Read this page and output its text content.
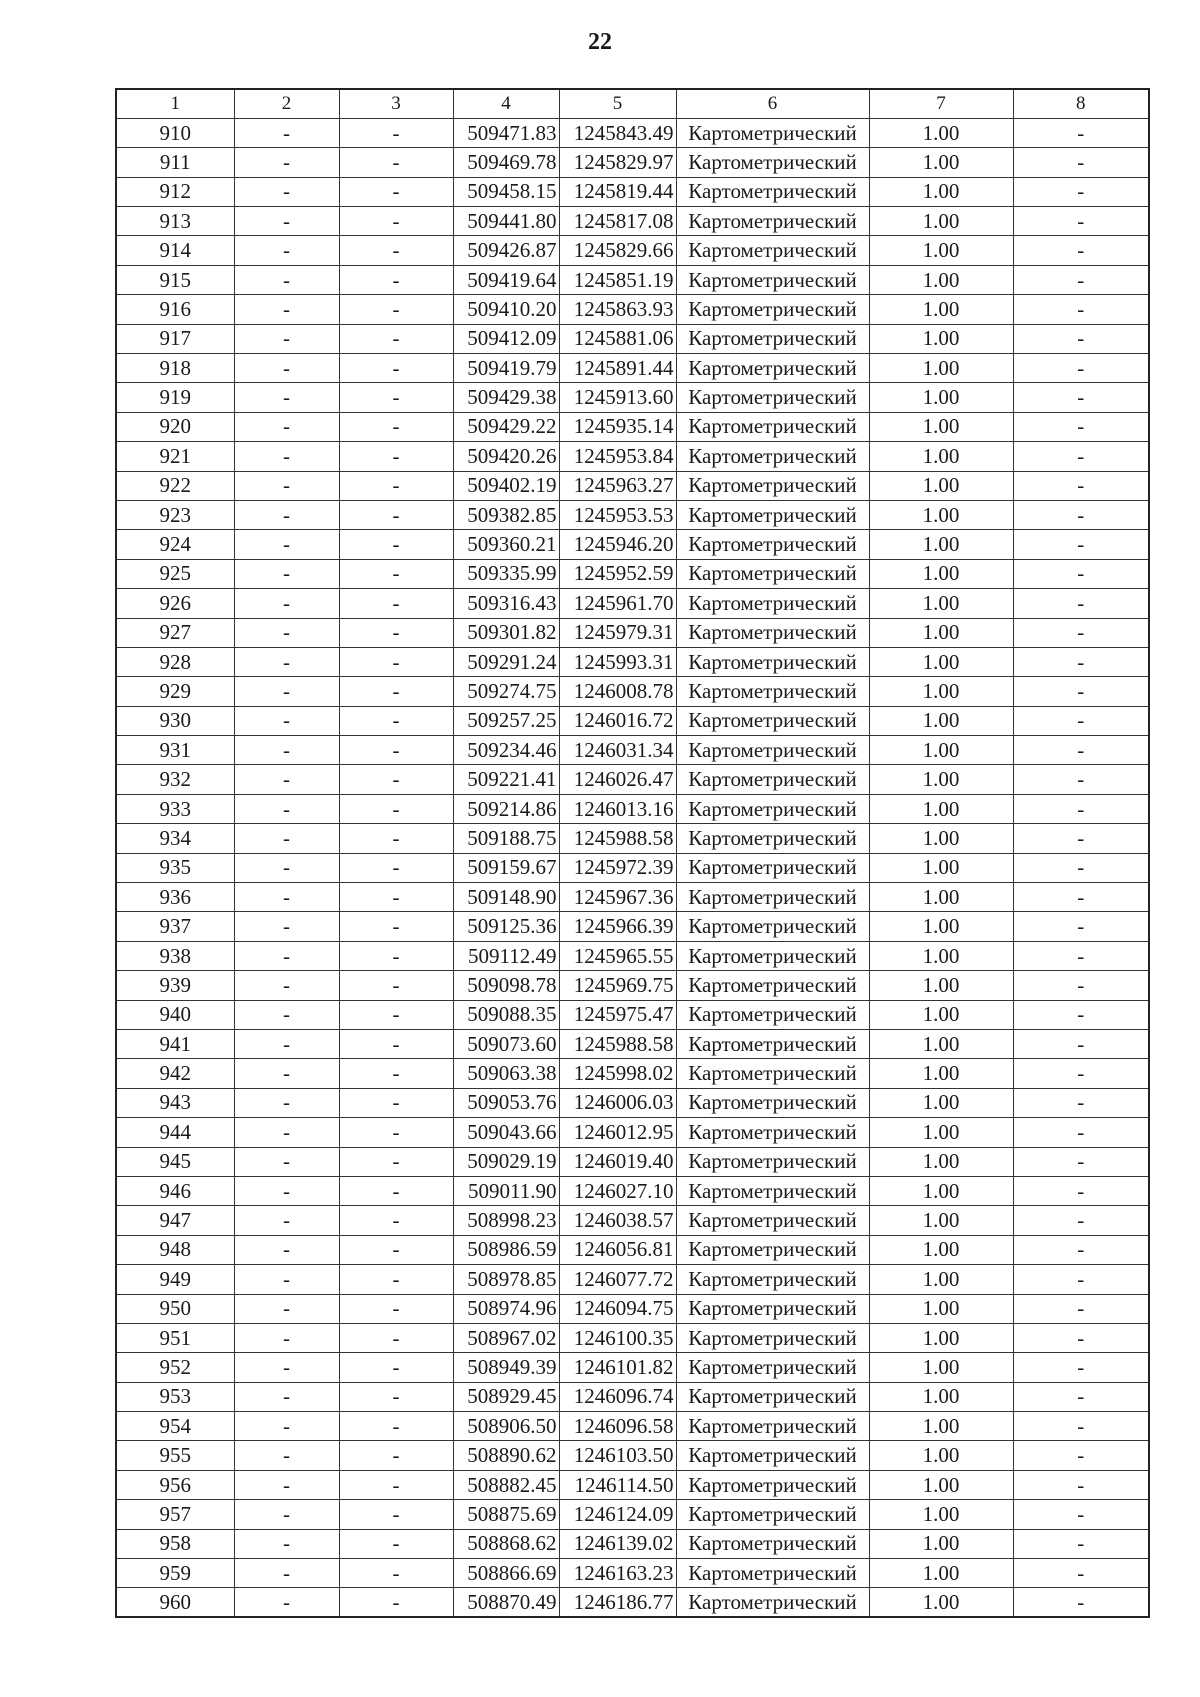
22
1	2	3	4	5	6	7	8
910	-	-	509471.83	1245843.49	Картометрический	1.00	-
911	-	-	509469.78	1245829.97	Картометрический	1.00	-
912	-	-	509458.15	1245819.44	Картометрический	1.00	-
913	-	-	509441.80	1245817.08	Картометрический	1.00	-
914	-	-	509426.87	1245829.66	Картометрический	1.00	-
915	-	-	509419.64	1245851.19	Картометрический	1.00	-
916	-	-	509410.20	1245863.93	Картометрический	1.00	-
917	-	-	509412.09	1245881.06	Картометрический	1.00	-
918	-	-	509419.79	1245891.44	Картометрический	1.00	-
919	-	-	509429.38	1245913.60	Картометрический	1.00	-
920	-	-	509429.22	1245935.14	Картометрический	1.00	-
921	-	-	509420.26	1245953.84	Картометрический	1.00	-
922	-	-	509402.19	1245963.27	Картометрический	1.00	-
923	-	-	509382.85	1245953.53	Картометрический	1.00	-
924	-	-	509360.21	1245946.20	Картометрический	1.00	-
925	-	-	509335.99	1245952.59	Картометрический	1.00	-
926	-	-	509316.43	1245961.70	Картометрический	1.00	-
927	-	-	509301.82	1245979.31	Картометрический	1.00	-
928	-	-	509291.24	1245993.31	Картометрический	1.00	-
929	-	-	509274.75	1246008.78	Картометрический	1.00	-
930	-	-	509257.25	1246016.72	Картометрический	1.00	-
931	-	-	509234.46	1246031.34	Картометрический	1.00	-
932	-	-	509221.41	1246026.47	Картометрический	1.00	-
933	-	-	509214.86	1246013.16	Картометрический	1.00	-
934	-	-	509188.75	1245988.58	Картометрический	1.00	-
935	-	-	509159.67	1245972.39	Картометрический	1.00	-
936	-	-	509148.90	1245967.36	Картометрический	1.00	-
937	-	-	509125.36	1245966.39	Картометрический	1.00	-
938	-	-	509112.49	1245965.55	Картометрический	1.00	-
939	-	-	509098.78	1245969.75	Картометрический	1.00	-
940	-	-	509088.35	1245975.47	Картометрический	1.00	-
941	-	-	509073.60	1245988.58	Картометрический	1.00	-
942	-	-	509063.38	1245998.02	Картометрический	1.00	-
943	-	-	509053.76	1246006.03	Картометрический	1.00	-
944	-	-	509043.66	1246012.95	Картометрический	1.00	-
945	-	-	509029.19	1246019.40	Картометрический	1.00	-
946	-	-	509011.90	1246027.10	Картометрический	1.00	-
947	-	-	508998.23	1246038.57	Картометрический	1.00	-
948	-	-	508986.59	1246056.81	Картометрический	1.00	-
949	-	-	508978.85	1246077.72	Картометрический	1.00	-
950	-	-	508974.96	1246094.75	Картометрический	1.00	-
951	-	-	508967.02	1246100.35	Картометрический	1.00	-
952	-	-	508949.39	1246101.82	Картометрический	1.00	-
953	-	-	508929.45	1246096.74	Картометрический	1.00	-
954	-	-	508906.50	1246096.58	Картометрический	1.00	-
955	-	-	508890.62	1246103.50	Картометрический	1.00	-
956	-	-	508882.45	1246114.50	Картометрический	1.00	-
957	-	-	508875.69	1246124.09	Картометрический	1.00	-
958	-	-	508868.62	1246139.02	Картометрический	1.00	-
959	-	-	508866.69	1246163.23	Картометрический	1.00	-
960	-	-	508870.49	1246186.77	Картометрический	1.00	-
